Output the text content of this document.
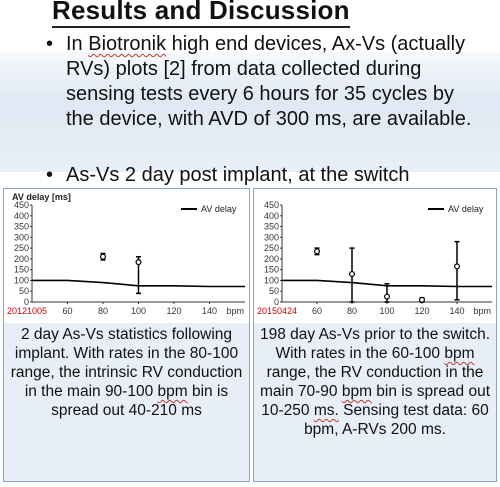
Results and Discussion
• In Biotronik high end devices, Ax-Vs (actually RVs) plots [2] from data collected during sensing tests every 6 hours for 35 cycles by the device, with AVD of 300 ms, are available.
• As-Vs 2 day post implant, at the switch
AV delay [ms]
0
50
100
150
200
250
300
350
400
450
60	80	100 120 140 bpm
20121005
AV delay
2 day As-Vs statistics following implant. With rates in the 80-100 range, the intrinsic RV conduction in the main 90-100 bpm bin is spread out 40-210 ms
0
50
100
150
200
250
300
350
400
450
60	80 100 120 140 bpm
20150424
AV delay
198 day As-Vs prior to the switch. With rates in the 60-100 bpm range, the RV conduction in the main 70-90 bpm bin is spread out 10-250 ms. Sensing test data: 60 bpm, A-RVs 200 ms.
